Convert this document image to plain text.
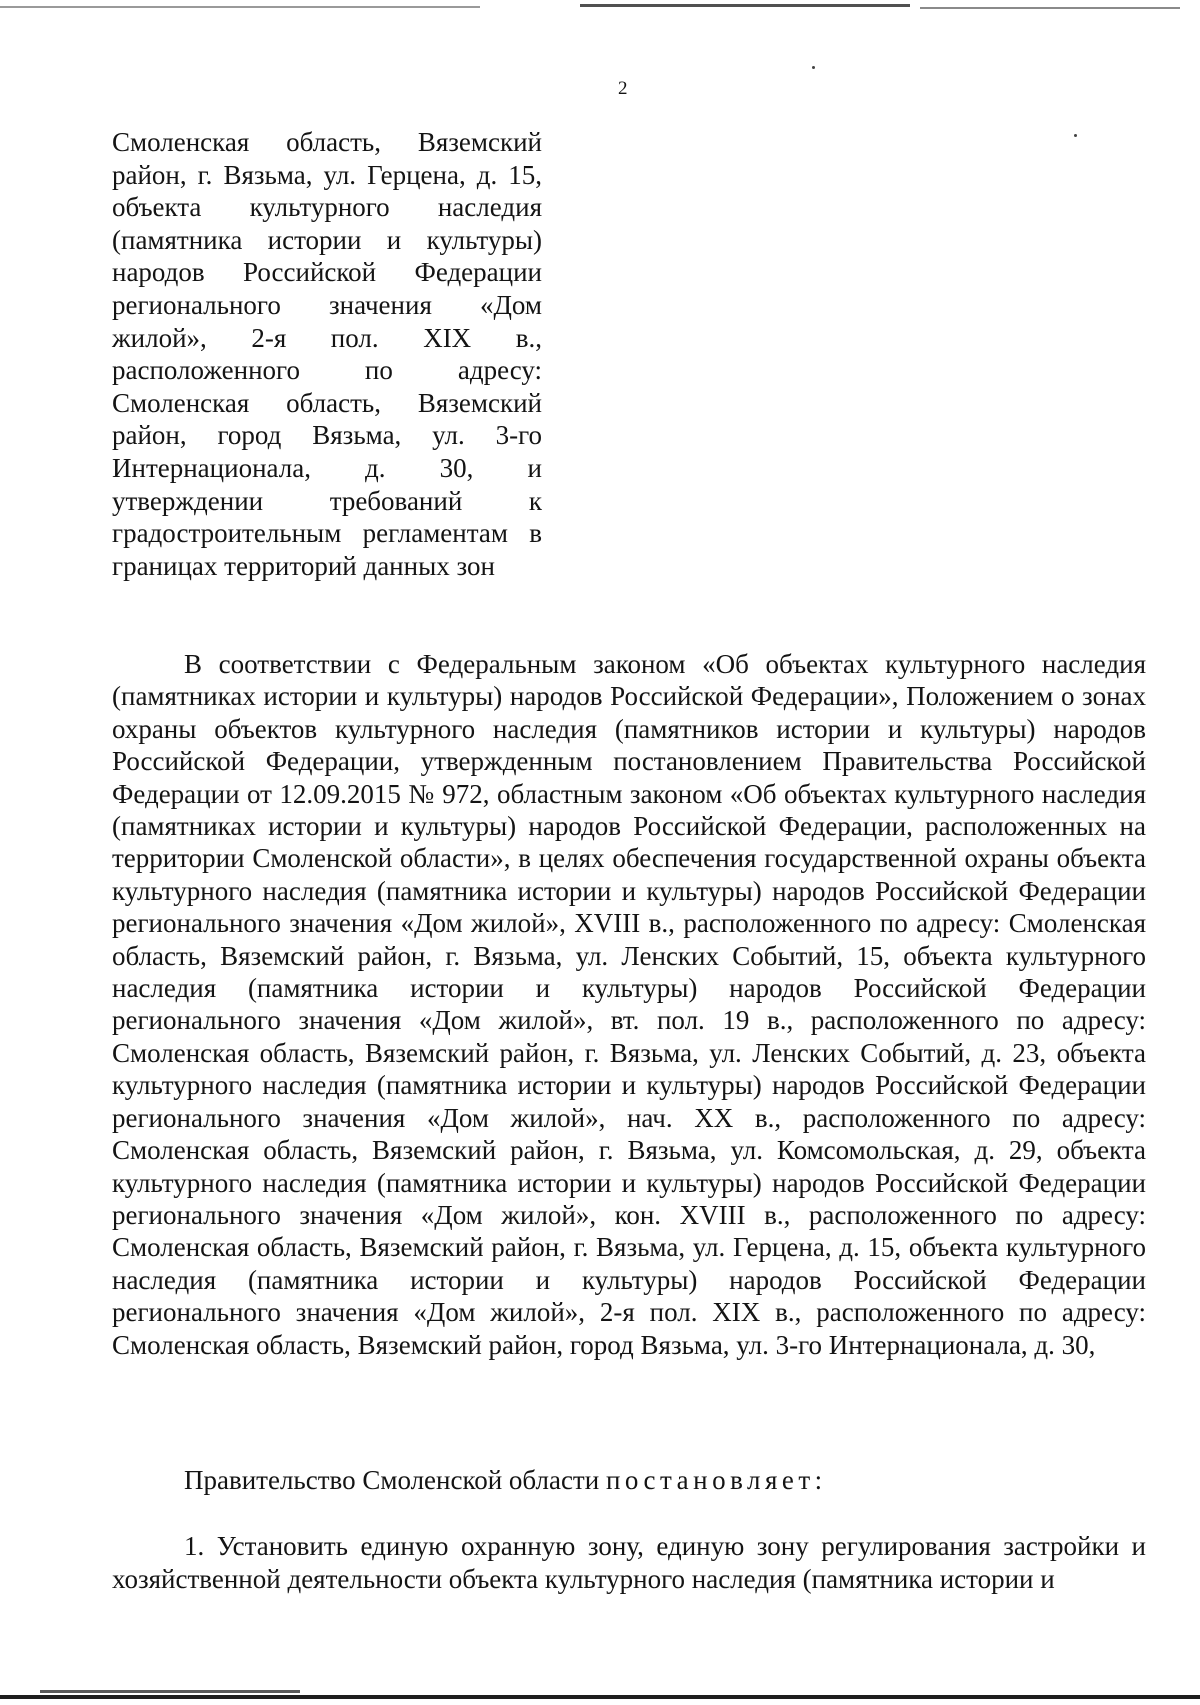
2
Смоленская область, Вяземский район, г. Вязьма, ул. Герцена, д. 15, объекта культурного наследия (памятника истории и культуры) народов Российской Федерации регионального значения «Дом жилой», 2-я пол. XIX в., расположенного по адресу: Смоленская область, Вяземский район, город Вязьма, ул. 3-го Интернационала, д. 30, и утверждении требований к градостроительным регламентам в границах территорий данных зон
В соответствии с Федеральным законом «Об объектах культурного наследия (памятниках истории и культуры) народов Российской Федерации», Положением о зонах охраны объектов культурного наследия (памятников истории и культуры) народов Российской Федерации, утвержденным постановлением Правительства Российской Федерации от 12.09.2015 № 972, областным законом «Об объектах культурного наследия (памятниках истории и культуры) народов Российской Федерации, расположенных на территории Смоленской области», в целях обеспечения государственной охраны объекта культурного наследия (памятника истории и культуры) народов Российской Федерации регионального значения «Дом жилой», XVIII в., расположенного по адресу: Смоленская область, Вяземский район, г. Вязьма, ул. Ленских Событий, 15, объекта культурного наследия (памятника истории и культуры) народов Российской Федерации регионального значения «Дом жилой», вт. пол. 19 в., расположенного по адресу: Смоленская область, Вяземский район, г. Вязьма, ул. Ленских Событий, д. 23, объекта культурного наследия (памятника истории и культуры) народов Российской Федерации регионального значения «Дом жилой», нач. XX в., расположенного по адресу: Смоленская область, Вяземский район, г. Вязьма, ул. Комсомольская, д. 29, объекта культурного наследия (памятника истории и культуры) народов Российской Федерации регионального значения «Дом жилой», кон. XVIII в., расположенного по адресу: Смоленская область, Вяземский район, г. Вязьма, ул. Герцена, д. 15, объекта культурного наследия (памятника истории и культуры) народов Российской Федерации регионального значения «Дом жилой», 2-я пол. XIX в., расположенного по адресу: Смоленская область, Вяземский район, город Вязьма, ул. 3-го Интернационала, д. 30,
Правительство Смоленской области постановляет:
1. Установить единую охранную зону, единую зону регулирования застройки и хозяйственной деятельности объекта культурного наследия (памятника истории и
